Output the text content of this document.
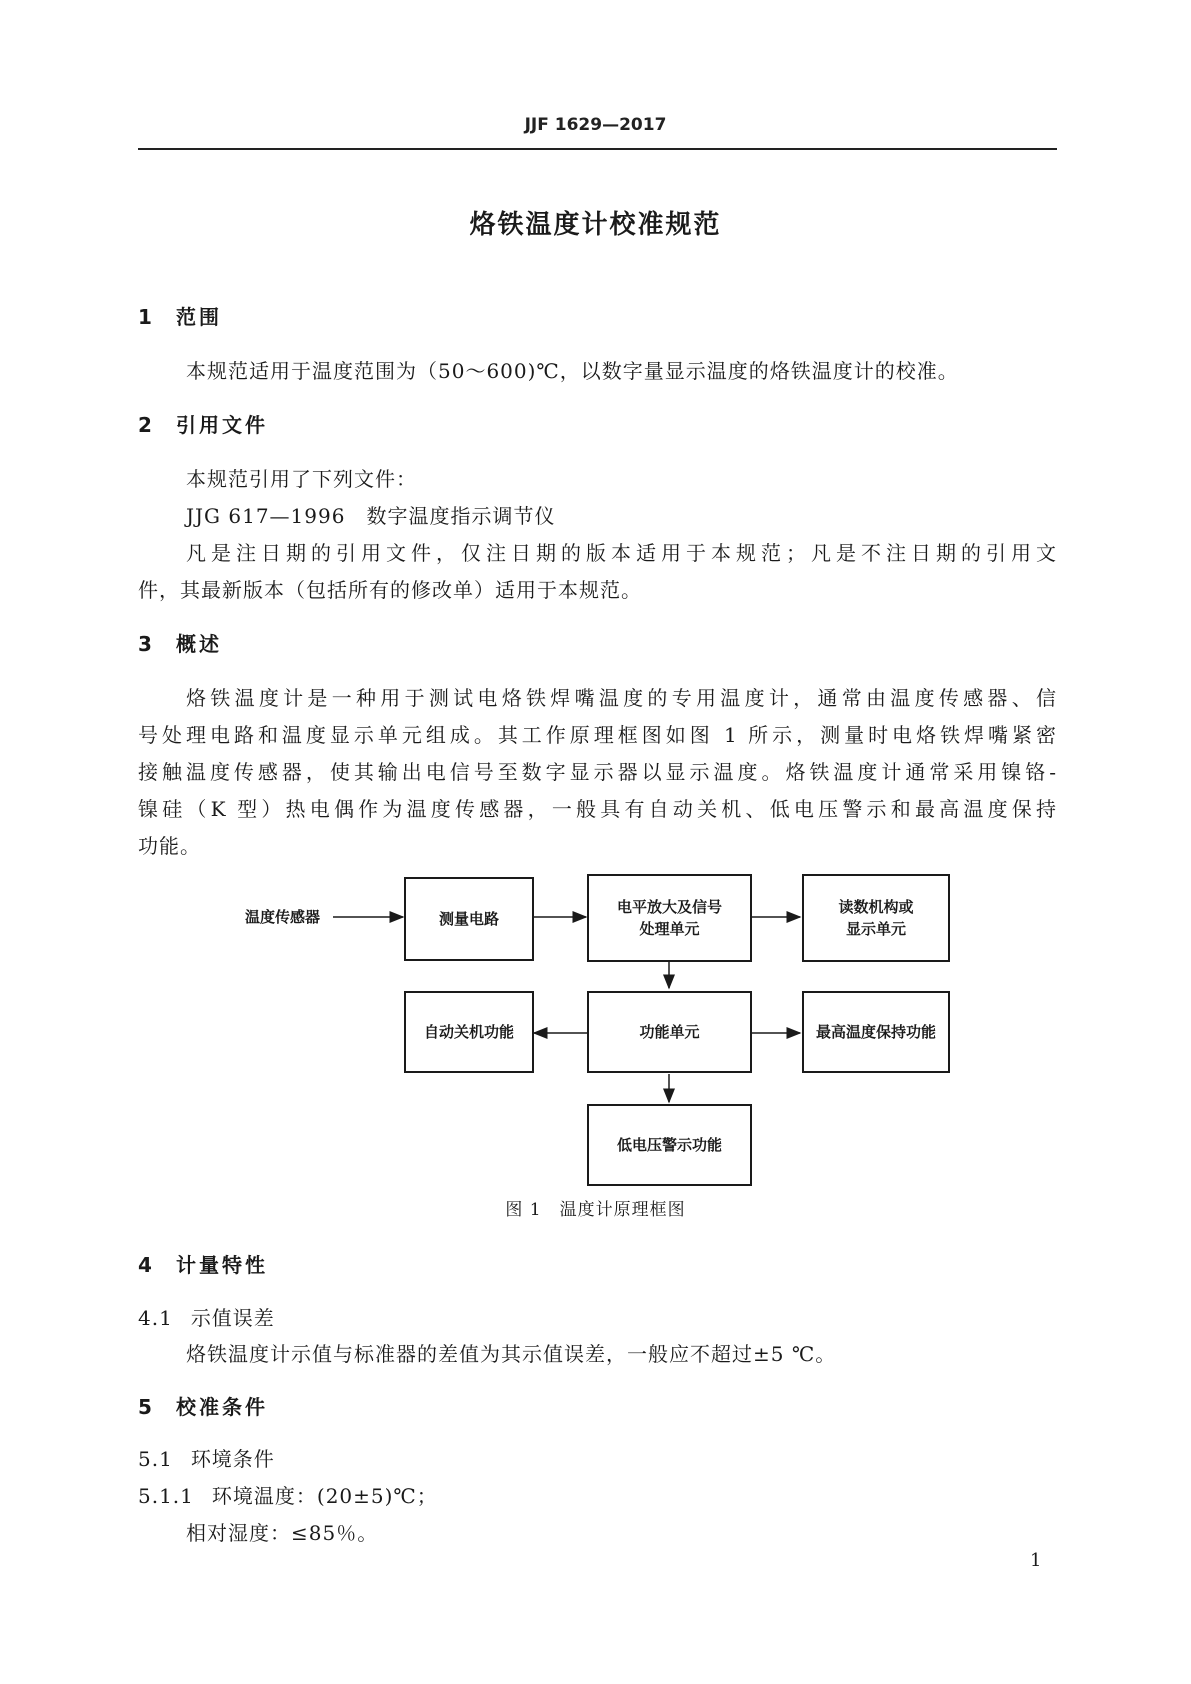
JJF 1629—2017
烙铁温度计校准规范
1 范围
本规范适用于温度范围为（50～600)℃，以数字量显示温度的烙铁温度计的校准。
2 引用文件
本规范引用了下列文件：
JJG 617—1996　数字温度指示调节仪
凡是注日期的引用文件，仅注日期的版本适用于本规范；凡是不注日期的引用文
件，其最新版本（包括所有的修改单）适用于本规范。
3 概述
烙铁温度计是一种用于测试电烙铁焊嘴温度的专用温度计，通常由温度传感器、信
号处理电路和温度显示单元组成。其工作原理框图如图 1 所示，测量时电烙铁焊嘴紧密
接触温度传感器，使其输出电信号至数字显示器以显示温度。烙铁温度计通常采用镍铬-
镍硅（K 型）热电偶作为温度传感器，一般具有自动关机、低电压警示和最高温度保持
功能。
温度传感器	测量电路
电平放大及信号
处理单元
读数机构或
显示单元
自动关机功能	功能单元	最高温度保持功能
低电压警示功能
图 1　温度计原理框图
4 计量特性
4.1 示值误差
烙铁温度计示值与标准器的差值为其示值误差，一般应不超过±5 ℃。
5 校准条件
5.1 环境条件
5.1.1 环境温度：(20±5)℃；
相对湿度：≤85％。
1
